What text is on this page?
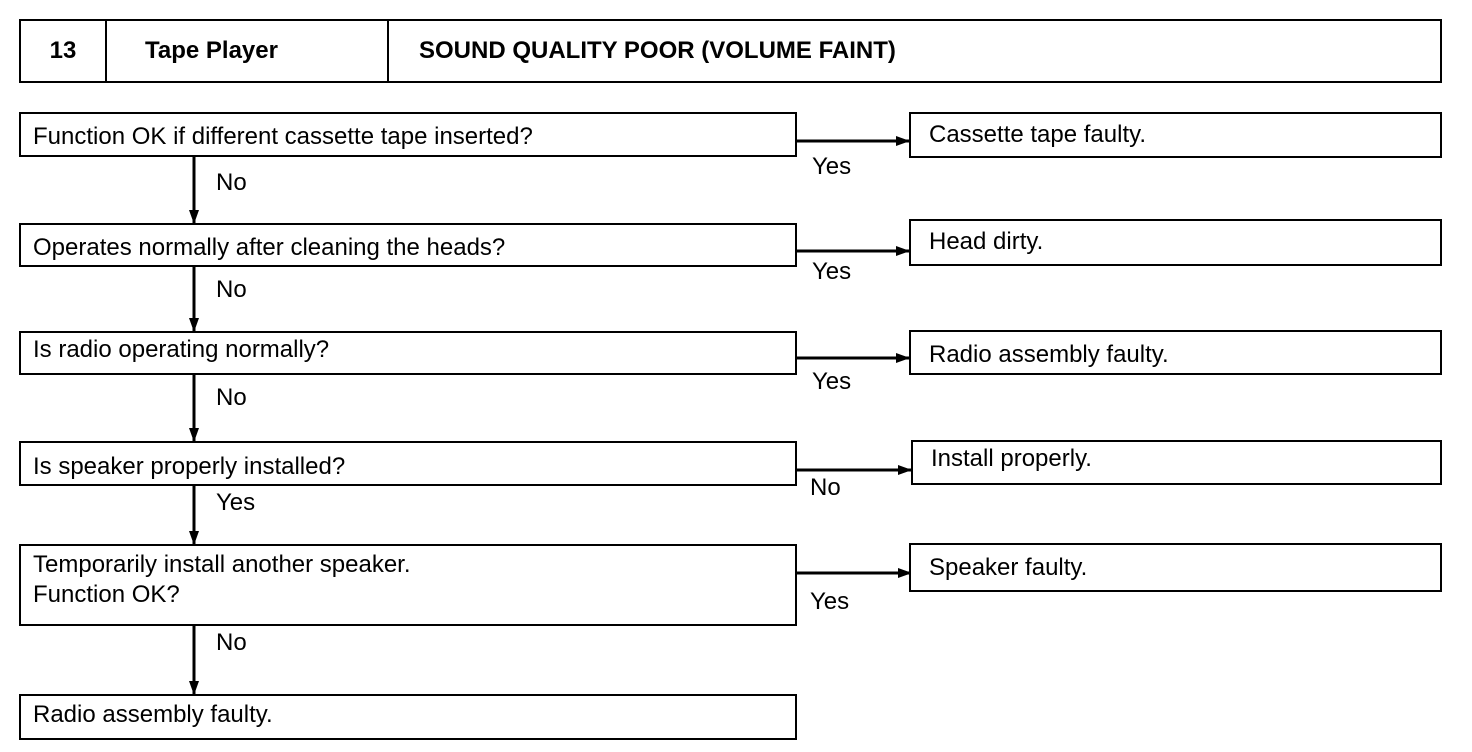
13	Tape Player	SOUND QUALITY POOR (VOLUME FAINT)
Function OK if different cassette tape inserted?
Yes
Cassette tape faulty.
No
Operates normally after cleaning the heads?
Yes
Head dirty.
No
Is radio operating normally?
Yes
Radio assembly faulty.
No
Is speaker properly installed?
No
Install properly.
Yes
Temporarily install another speaker.
Function OK?	Yes
Speaker faulty.
No
Radio assembly faulty.
